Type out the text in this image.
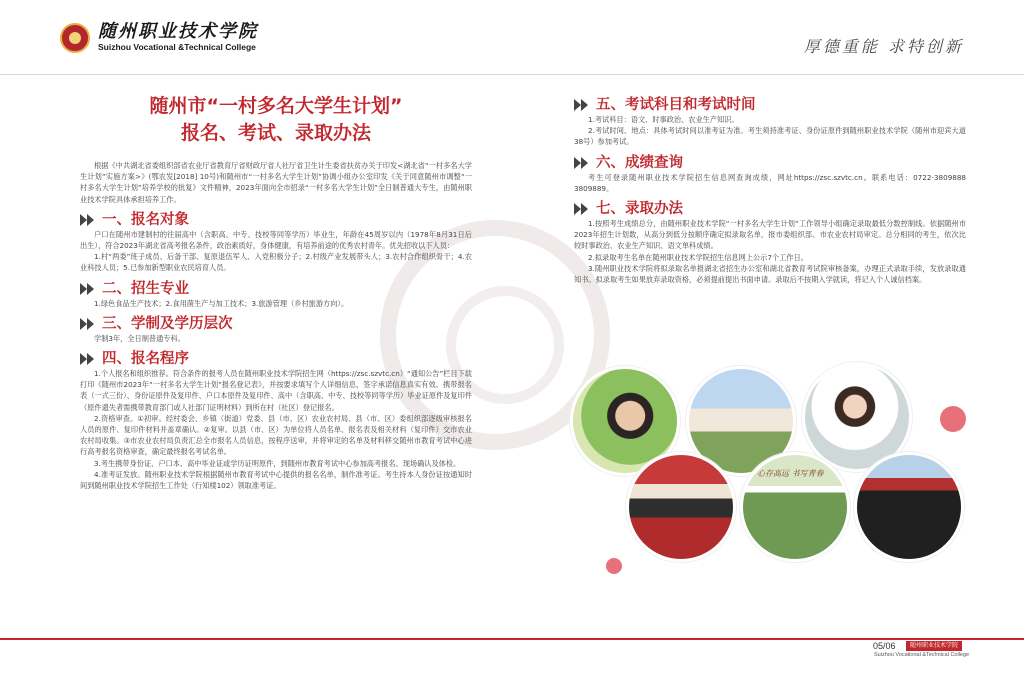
随州职业技术学院
Suizhou Vocational &Technical College	厚德重能 求特创新
随州市“一村多名大学生计划”
报名、考试、录取办法

根据《中共湖北省委组织部省农业厅省教育厅省财政厅省人社厅省卫生计生委省扶贫办关于印发<湖北省“一村多名大学生计划”实施方案>》(鄂农发[2018] 10号)和随州市“一村多名大学生计划”协调小组办公室印发《关于同意随州市调整“一村多名大学生计划”培养学校的批复》文件精神，2023年面向全市招录“一村多名大学生计划”全日制普通大专生，由随州职业技术学院具体承担培养工作。

一、报名对象

户口在随州市建制村的往届高中（含职高、中专、技校等同等学历）毕业生，年龄在45周岁以内（1978年8月31日后出生），符合2023年湖北省高考报名条件，政治素质好，身体健康，有培养前途的优秀农村青年。优先招收以下人员：

1.村“两委”班子成员、后备干部、复原退伍军人、入党积极分子；2.村级产业发展带头人；3.农村合作组织骨干；4.农业科技人员；5.已参加新型职业农民培育人员。

二、招生专业

1.绿色食品生产技术；2.食用菌生产与加工技术；3.旅游管理（乡村旅游方向）。

三、学制及学历层次

学制3年，全日制普通专科。

四、报名程序

1.个人报名和组织推荐。符合条件的报考人员在随州职业技术学院招生网（https://zsc.szvtc.cn）“通知公告”栏目下载打印《随州市2023年“一村多名大学生计划”报名登记表》，并按要求填写个人详细信息，签字承诺信息真实有效。携带报名表（一式三份）、身份证原件及复印件、户口本原件及复印件、高中（含职高、中专、技校等同等学历）毕业证原件及复印件（原件遗失者需携带教育部门或人社部门证明材料）到所在村（社区）登记报名。

2.资格审查。①初审。经村委会、乡镇（街道）党委、县（市、区）农业农村局、县（市、区）委组织部逐级审核报名人员的原件、复印件材料并盖章确认。②复审。以县（市、区）为单位将人员名单、报名表及相关材料（复印件）交市农业农村局收集。③市农业农村局负责汇总全市报名人员信息，按程序送审，并将审定的名单及材料移交随州市教育考试中心进行高考报名资格审查，确定最终报名考试名单。

3.考生携带身份证、户口本、高中毕业证或学历证明原件，到随州市教育考试中心参加高考报名、现场确认及体检。

4.准考证发放。随州职业技术学院根据随州市教育考试中心提供的报名名单，制作准考证。考生持本人身份证按通知时间到随州职业技术学院招生工作处（行知楼102）领取准考证。

五、考试科目和考试时间

1.考试科目：语文、时事政治、农业生产知识。

2.考试时间、地点：具体考试时间以准考证为准。考生须持准考证、身份证原件到随州职业技术学院（随州市迎宾大道38号）参加考试。

六、成绩查询

考生可登录随州职业技术学院招生信息网查询成绩，网址https://zsc.szvtc.cn。联系电话：0722-3809888 3809889。

七、录取办法

1.按照考生成绩总分，由随州职业技术学院“一村多名大学生计划”工作领导小组确定录取最低分数控制线。依据随州市2023年招生计划数，从高分到低分按顺序确定拟录取名单，报市委组织部、市农业农村局审定。总分相同的考生，依次比较时事政治、农业生产知识、语文单科成绩。

2.拟录取考生名单在随州职业技术学院招生信息网上公示7个工作日。

3.随州职业技术学院将拟录取名单报湖北省招生办公室和湖北省教育考试院审核备案，办理正式录取手续，发放录取通知书。拟录取考生如果放弃录取资格，必须提前提出书面申请。录取后不按期入学就读，将记入个人诚信档案。

心存高远 书写青春
05/06	随州职业技术学院
Suizhou Vocational &Technical College
